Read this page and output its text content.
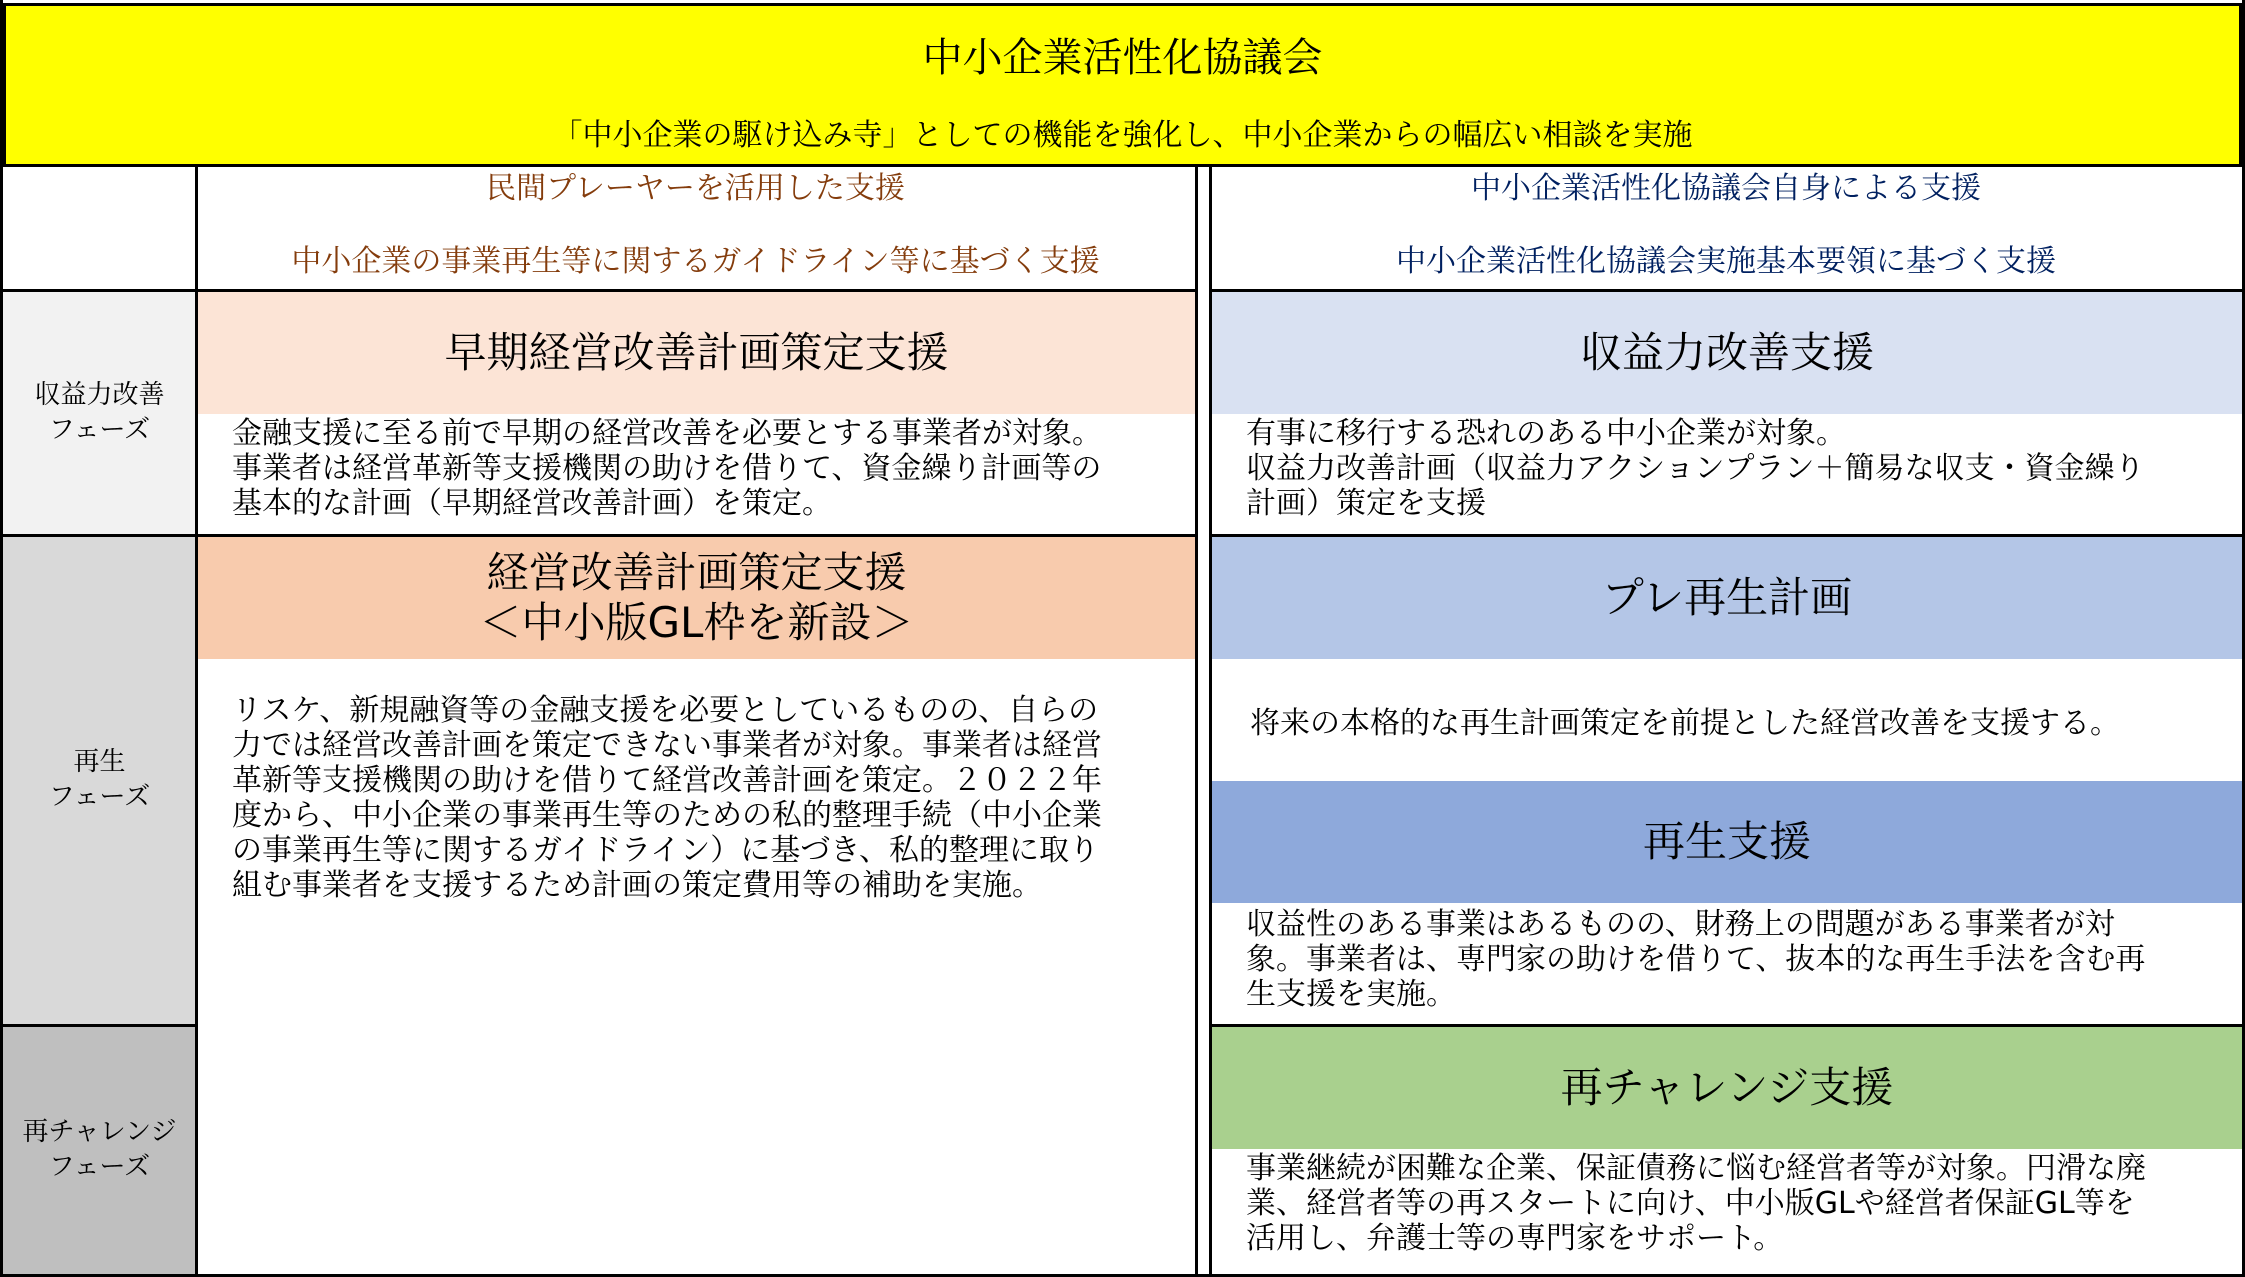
中小企業活性化協議会
「中小企業の駆け込み寺」としての機能を強化し、中小企業からの幅広い相談を実施
収益力改善
フェーズ
再生
フェーズ
再チャレンジ
フェーズ
民間プレーヤーを活用した支援
中小企業の事業再生等に関するガイドライン等に基づく支援
中小企業活性化協議会自身による支援
中小企業活性化協議会実施基本要領に基づく支援
早期経営改善計画策定支援
金融支援に至る前で早期の経営改善を必要とする事業者が対象。
事業者は経営革新等支援機関の助けを借りて、資金繰り計画等の
基本的な計画（早期経営改善計画）を策定。
経営改善計画策定支援
＜中小版GL枠を新設＞
リスケ、新規融資等の金融支援を必要としているものの、自らの
力では経営改善計画を策定できない事業者が対象。事業者は経営
革新等支援機関の助けを借りて経営改善計画を策定。２０２２年
度から、中小企業の事業再生等のための私的整理手続（中小企業
の事業再生等に関するガイドライン）に基づき、私的整理に取り
組む事業者を支援するため計画の策定費用等の補助を実施。
収益力改善支援
有事に移行する恐れのある中小企業が対象。
収益力改善計画（収益力アクションプラン＋簡易な収支・資金繰り
計画）策定を支援
プレ再生計画
将来の本格的な再生計画策定を前提とした経営改善を支援する。
再生支援
収益性のある事業はあるものの、財務上の問題がある事業者が対
象。事業者は、専門家の助けを借りて、抜本的な再生手法を含む再
生支援を実施。
再チャレンジ支援
事業継続が困難な企業、保証債務に悩む経営者等が対象。円滑な廃
業、経営者等の再スタートに向け、中小版GLや経営者保証GL等を
活用し、弁護士等の専門家をサポート。
